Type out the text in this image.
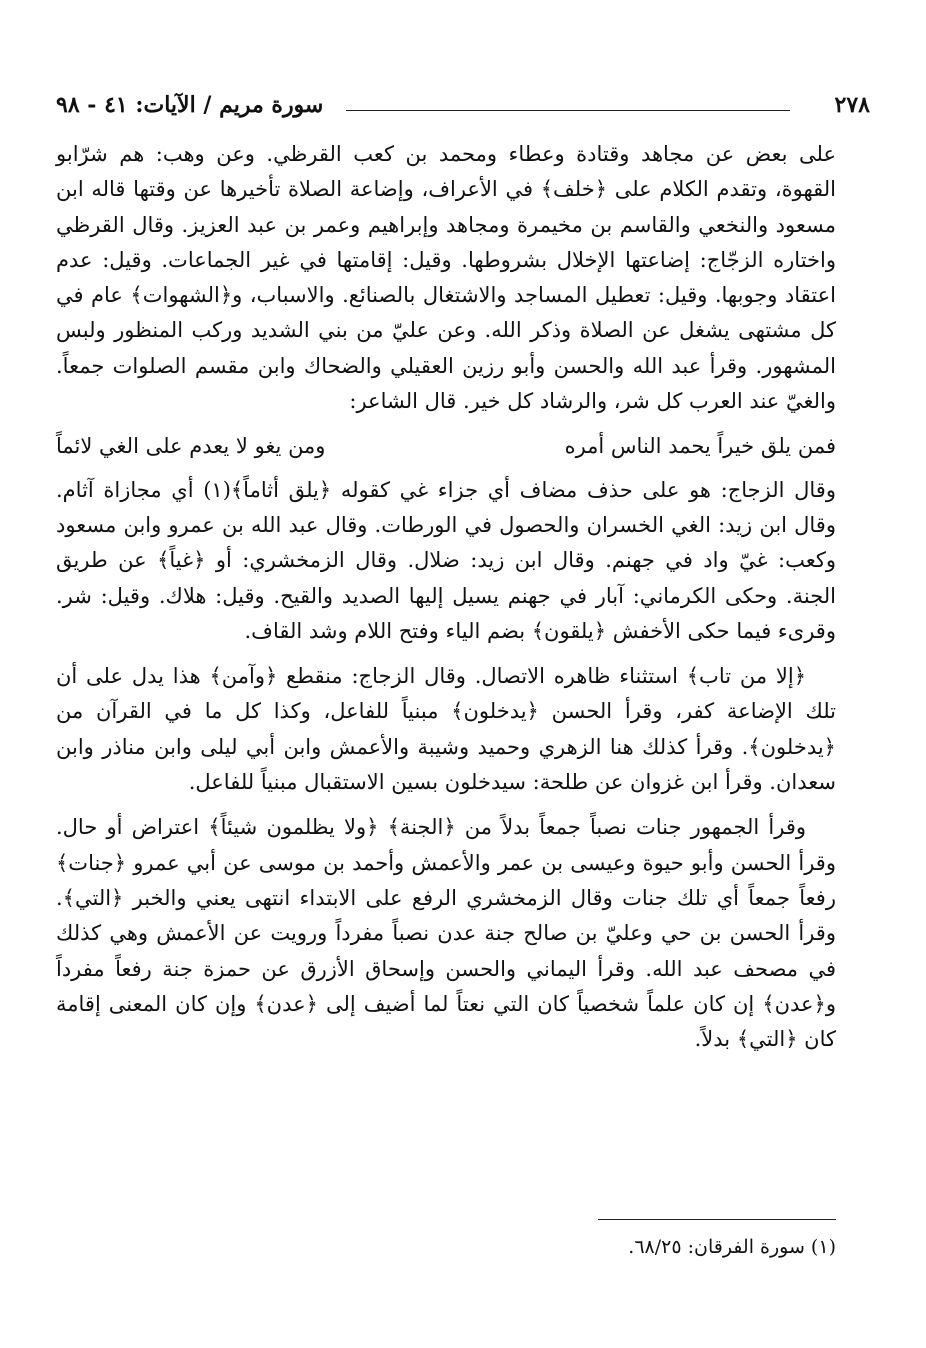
٢٧٨
سورة مريم / الآيات: ٤١ - ٩٨

على بعض عن مجاهد وقتادة وعطاء ومحمد بن كعب القرظي. وعن وهب: هم شرّابو القهوة، وتقدم الكلام على ﴿خلف﴾ في الأعراف، وإضاعة الصلاة تأخيرها عن وقتها قاله ابن مسعود والنخعي والقاسم بن مخيمرة ومجاهد وإبراهيم وعمر بن عبد العزيز. وقال القرظي واختاره الزجّاج: إضاعتها الإخلال بشروطها. وقيل: إقامتها في غير الجماعات. وقيل: عدم اعتقاد وجوبها. وقيل: تعطيل المساجد والاشتغال بالصنائع. والاسباب، و﴿الشهوات﴾ عام في كل مشتهى يشغل عن الصلاة وذكر الله. وعن عليّ من بني الشديد وركب المنظور ولبس المشهور. وقرأ عبد الله والحسن وأبو رزين العقيلي والضحاك وابن مقسم الصلوات جمعاً. والغيّ عند العرب كل شر، والرشاد كل خير. قال الشاعر:

فمن يلق خيراً يحمد الناس أمره
ومن يغو لا يعدم على الغي لائماً

وقال الزجاج: هو على حذف مضاف أي جزاء غي كقوله ﴿يلق أثاماً﴾(١) أي مجازاة آثام. وقال ابن زيد: الغي الخسران والحصول في الورطات. وقال عبد الله بن عمرو وابن مسعود وكعب: غيّ واد في جهنم. وقال ابن زيد: ضلال. وقال الزمخشري: أو ﴿غياً﴾ عن طريق الجنة. وحكى الكرماني: آبار في جهنم يسيل إليها الصديد والقيح. وقيل: هلاك. وقيل: شر. وقرىء فيما حكى الأخفش ﴿يلقون﴾ بضم الياء وفتح اللام وشد القاف.

﴿إلا من تاب﴾ استثناء ظاهره الاتصال. وقال الزجاج: منقطع ﴿وآمن﴾ هذا يدل على أن تلك الإضاعة كفر، وقرأ الحسن ﴿يدخلون﴾ مبنياً للفاعل، وكذا كل ما في القرآن من ﴿يدخلون﴾. وقرأ كذلك هنا الزهري وحميد وشيبة والأعمش وابن أبي ليلى وابن مناذر وابن سعدان. وقرأ ابن غزوان عن طلحة: سيدخلون بسين الاستقبال مبنياً للفاعل.

وقرأ الجمهور جنات نصباً جمعاً بدلاً من ﴿الجنة﴾ ﴿ولا يظلمون شيئاً﴾ اعتراض أو حال. وقرأ الحسن وأبو حيوة وعيسى بن عمر والأعمش وأحمد بن موسى عن أبي عمرو ﴿جنات﴾ رفعاً جمعاً أي تلك جنات وقال الزمخشري الرفع على الابتداء انتهى يعني والخبر ﴿التي﴾. وقرأ الحسن بن حي وعليّ بن صالح جنة عدن نصباً مفرداً ورويت عن الأعمش وهي كذلك في مصحف عبد الله. وقرأ اليماني والحسن وإسحاق الأزرق عن حمزة جنة رفعاً مفرداً و﴿عدن﴾ إن كان علماً شخصياً كان التي نعتاً لما أضيف إلى ﴿عدن﴾ وإن كان المعنى إقامة كان ﴿التي﴾ بدلاً.

(١) سورة الفرقان: ٦٨/٢٥.
